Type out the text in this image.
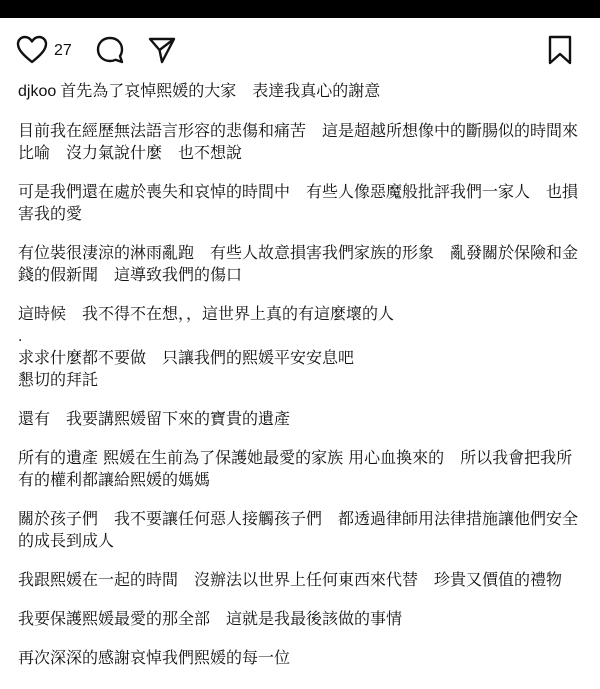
27

djkoo 首先為了哀悼熙媛的大家　表達我真心的謝意

目前我在經歷無法語言形容的悲傷和痛苦　這是超越所想像中的斷腸似的時間來比喻　沒力氣說什麼　也不想說

可是我們還在處於喪失和哀悼的時間中　有些人像惡魔般批評我們一家人　也損害我的愛

有位裝很淒涼的淋雨亂跑　有些人故意損害我們家族的形象　亂發關於保險和金錢的假新聞　這導致我們的傷口

這時候　我不得不在想，，這世界上真的有這麼壞的人

.

求求什麼都不要做　只讓我們的熙媛平安安息吧
懇切的拜託

還有　我要講熙媛留下來的寶貴的遺產

所有的遺產 熙媛在生前為了保護她最愛的家族 用心血換來的　所以我會把我所有的權利都讓給熙媛的媽媽

關於孩子們　我不要讓任何惡人接觸孩子們　都透過律師用法律措施讓他們安全的成長到成人

我跟熙媛在一起的時間　沒辦法以世界上任何東西來代替　珍貴又價值的禮物

我要保護熙媛最愛的那全部　這就是我最後該做的事情

再次深深的感謝哀悼我們熙媛的每一位
